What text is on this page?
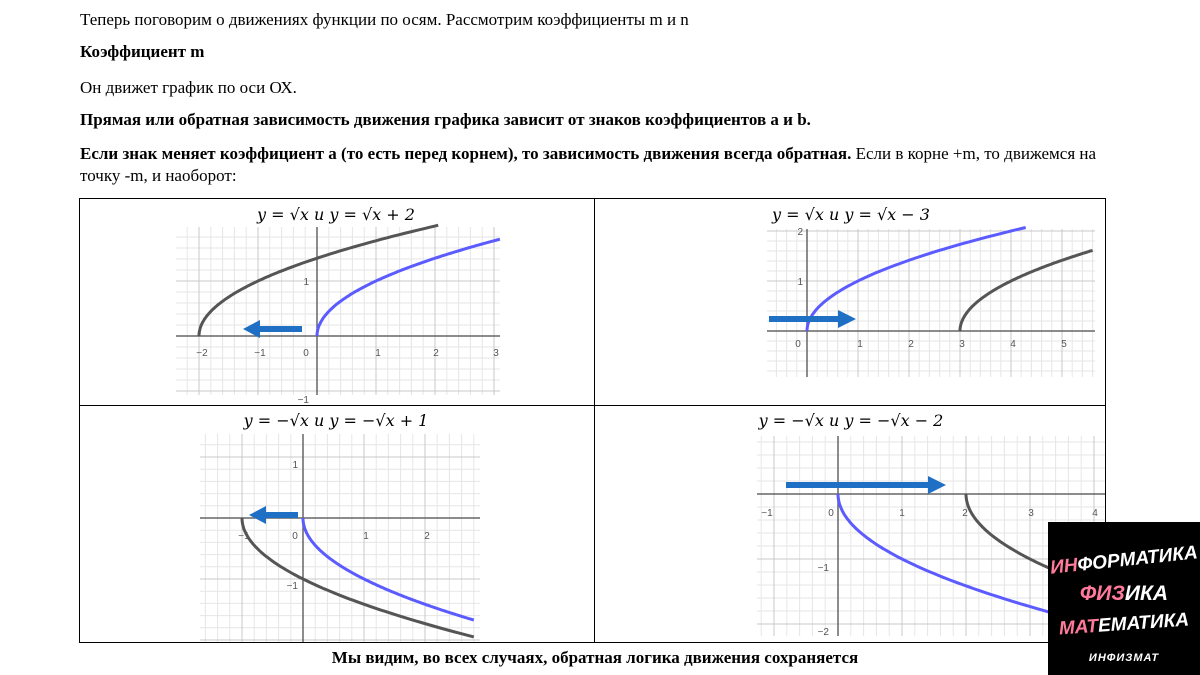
Теперь поговорим о движениях функции по осям. Рассмотрим коэффициенты m и n
Коэффициент m
Он движет график по оси ОХ.
Прямая или обратная зависимость движения графика зависит от знаков коэффициентов a и b.
Если знак меняет коэффициент a (то есть перед корнем), то зависимость движения всегда обратная. Если в корне +m, то движемся на точку -m, и наоборот:
y = √x и y = √x + 2
−2	−1	0	1	2	3
1
−1
y = √x и y = √x − 3
0	1	2	3	4	5
2
1
y = −√x и y = −√x + 1
−1	0	1	2
1
−1
y = −√x и y = −√x − 2
−1	0	1	2	3	4
−1
−2
Мы видим, во всех случаях, обратная логика движения сохраняется
ИНФОРМАТИКА
ФИЗИКА
МАТЕМАТИКА
ИНФИЗМАТ
